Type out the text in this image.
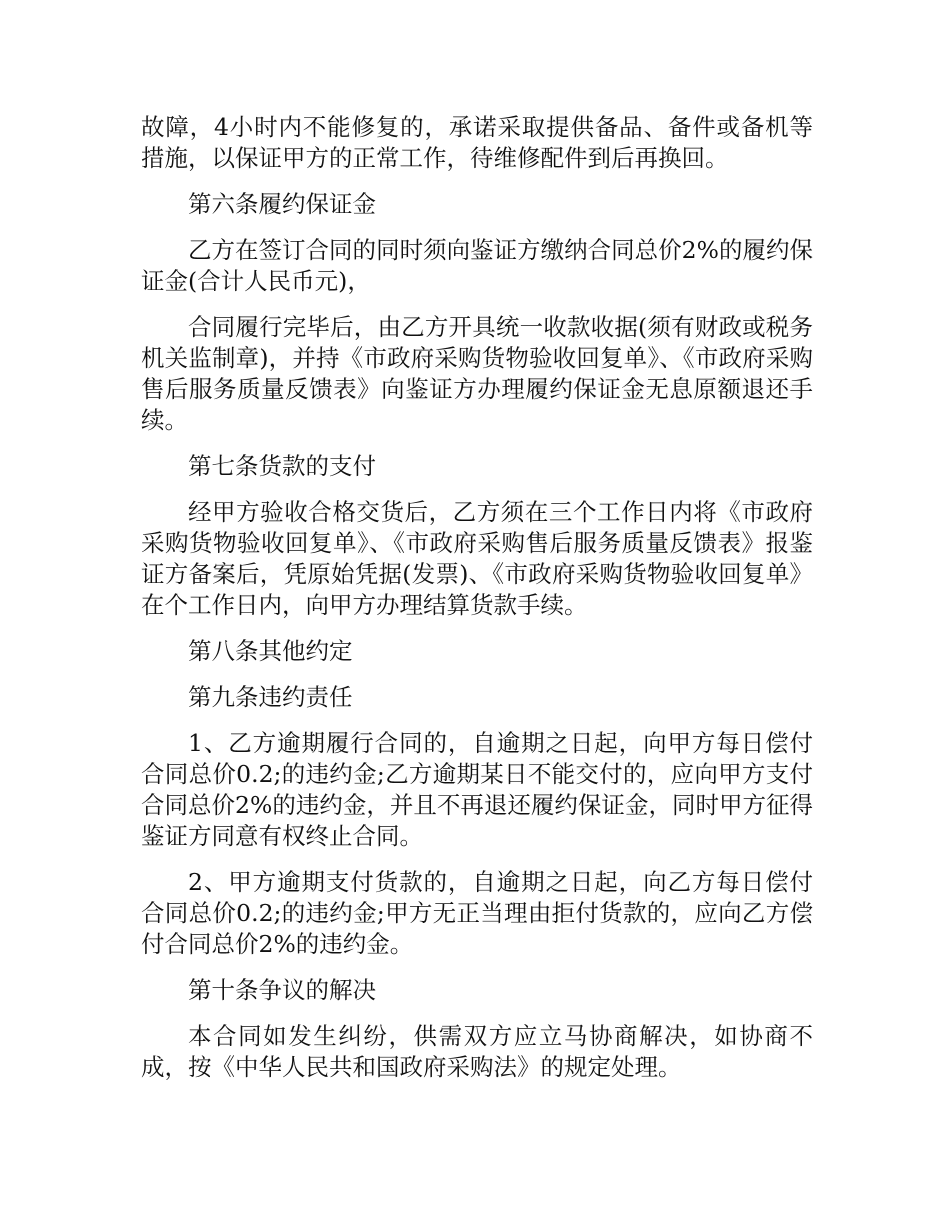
故障，4小时内不能修复的，承诺采取提供备品、备件或备机等措施，以保证甲方的正常工作，待维修配件到后再换回。

第六条履约保证金

乙方在签订合同的同时须向鉴证方缴纳合同总价2%的履约保证金(合计人民币元)，

合同履行完毕后，由乙方开具统一收款收据(须有财政或税务机关监制章)，并持《市政府采购货物验收回复单》、《市政府采购售后服务质量反馈表》向鉴证方办理履约保证金无息原额退还手续。

第七条货款的支付

经甲方验收合格交货后，乙方须在三个工作日内将《市政府采购货物验收回复单》、《市政府采购售后服务质量反馈表》报鉴证方备案后，凭原始凭据(发票)、《市政府采购货物验收回复单》在个工作日内，向甲方办理结算货款手续。

第八条其他约定

第九条违约责任

1、乙方逾期履行合同的，自逾期之日起，向甲方每日偿付合同总价0.2;的违约金;乙方逾期某日不能交付的，应向甲方支付合同总价2%的违约金，并且不再退还履约保证金，同时甲方征得鉴证方同意有权终止合同。

2、甲方逾期支付货款的，自逾期之日起，向乙方每日偿付合同总价0.2;的违约金;甲方无正当理由拒付货款的，应向乙方偿付合同总价2%的违约金。

第十条争议的解决

本合同如发生纠纷，供需双方应立马协商解决，如协商不成，按《中华人民共和国政府采购法》的规定处理。
